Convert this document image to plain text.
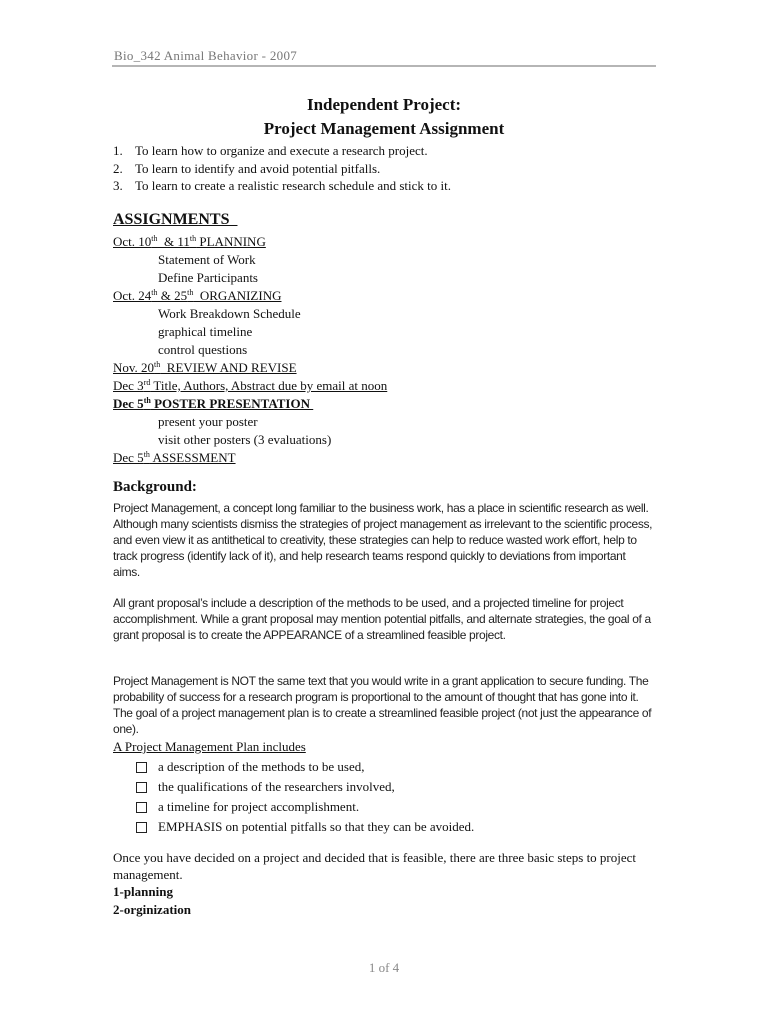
Bio_342 Animal Behavior - 2007
Independent Project:
Project Management Assignment
1. To learn how to organize and execute a research project.
2. To learn to identify and avoid potential pitfalls.
3. To learn to create a realistic research schedule and stick to it.
ASSIGNMENTS
Oct. 10th  & 11th PLANNING
Statement of Work
Define Participants
Oct. 24th & 25th  ORGANIZING
Work Breakdown Schedule
graphical timeline
control questions
Nov. 20th  REVIEW AND REVISE
Dec 3rd Title, Authors, Abstract due by email at noon
Dec 5th POSTER PRESENTATION
present your poster
visit other posters (3 evaluations)
Dec 5th ASSESSMENT
Background:
Project Management, a concept long familiar to the business work, has a place in scientific research as well. Although many scientists dismiss the strategies of project management as irrelevant to the scientific process, and even view it as antithetical to creativity, these strategies can help to reduce wasted work effort, help to track progress (identify lack of it), and help research teams respond quickly to deviations from important aims.
All grant proposal’s include a description of the methods to be used, and a projected timeline for project accomplishment. While a grant proposal may mention potential pitfalls, and alternate strategies, the goal of a grant proposal is to create the APPEARANCE of a streamlined feasible project.
Project Management is NOT the same text that you would write in a grant application to secure funding. The probability of success for a research program is proportional to the amount of thought that has gone into it. The goal of a project management plan is to create a streamlined feasible project (not just the appearance of one).
A Project Management Plan includes
a description of the methods to be used,
the qualifications of the researchers involved,
a timeline for project accomplishment.
EMPHASIS on potential pitfalls so that they can be avoided.
Once you have decided on a project and decided that is feasible, there are three basic steps to project management.
1-planning
2-orginization
1 of 4
